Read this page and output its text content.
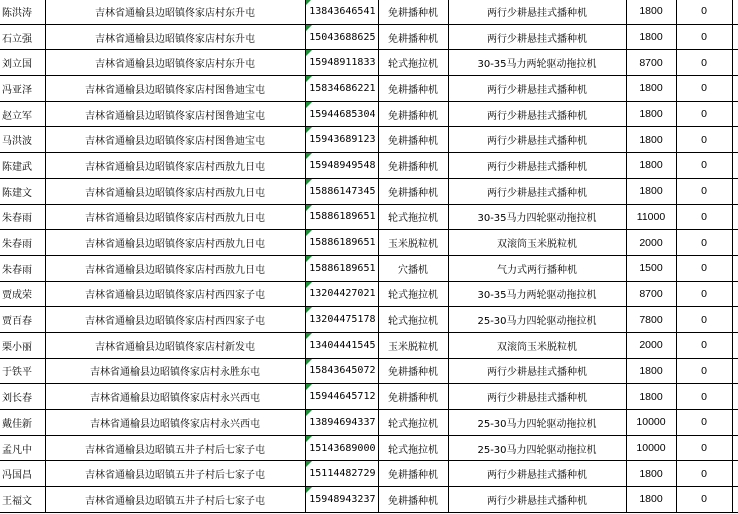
陈洪涛	吉林省通榆县边昭镇佟家店村东升屯	13843646541	免耕播种机	两行少耕悬挂式播种机	1800	0	
石立强	吉林省通榆县边昭镇佟家店村东升屯	15043688625	免耕播种机	两行少耕悬挂式播种机	1800	0	
刘立国	吉林省通榆县边昭镇佟家店村东升屯	15948911833	轮式拖拉机	30-35马力两轮驱动拖拉机	8700	0	
冯亚泽	吉林省通榆县边昭镇佟家店村图鲁迪宝屯	15834686221	免耕播种机	两行少耕悬挂式播种机	1800	0	
赵立军	吉林省通榆县边昭镇佟家店村图鲁迪宝屯	15944685304	免耕播种机	两行少耕悬挂式播种机	1800	0	
马洪波	吉林省通榆县边昭镇佟家店村图鲁迪宝屯	15943689123	免耕播种机	两行少耕悬挂式播种机	1800	0	
陈建武	吉林省通榆县边昭镇佟家店村西敖九日屯	15948949548	免耕播种机	两行少耕悬挂式播种机	1800	0	
陈建文	吉林省通榆县边昭镇佟家店村西敖九日屯	15886147345	免耕播种机	两行少耕悬挂式播种机	1800	0	
朱春雨	吉林省通榆县边昭镇佟家店村西敖九日屯	15886189651	轮式拖拉机	30-35马力四轮驱动拖拉机	11000	0	
朱春雨	吉林省通榆县边昭镇佟家店村西敖九日屯	15886189651	玉米脱粒机	双滚筒玉米脱粒机	2000	0	
朱春雨	吉林省通榆县边昭镇佟家店村西敖九日屯	15886189651	穴播机	气力式两行播种机	1500	0	
贾成荣	吉林省通榆县边昭镇佟家店村西四家子屯	13204427021	轮式拖拉机	30-35马力两轮驱动拖拉机	8700	0	
贾百春	吉林省通榆县边昭镇佟家店村西四家子屯	13204475178	轮式拖拉机	25-30马力四轮驱动拖拉机	7800	0	
栗小丽	吉林省通榆县边昭镇佟家店村新发屯	13404441545	玉米脱粒机	双滚筒玉米脱粒机	2000	0	
于铁平	吉林省通榆县边昭镇佟家店村永胜东屯	15843645072	免耕播种机	两行少耕悬挂式播种机	1800	0	
刘长春	吉林省通榆县边昭镇佟家店村永兴西屯	15944645712	免耕播种机	两行少耕悬挂式播种机	1800	0	
戴佳新	吉林省通榆县边昭镇佟家店村永兴西屯	13894694337	轮式拖拉机	25-30马力四轮驱动拖拉机	10000	0	
孟凡中	吉林省通榆县边昭镇五井子村后七家子屯	15143689000	轮式拖拉机	25-30马力四轮驱动拖拉机	10000	0	
冯国昌	吉林省通榆县边昭镇五井子村后七家子屯	15114482729	免耕播种机	两行少耕悬挂式播种机	1800	0	
王福文	吉林省通榆县边昭镇五井子村后七家子屯	15948943237	免耕播种机	两行少耕悬挂式播种机	1800	0	
